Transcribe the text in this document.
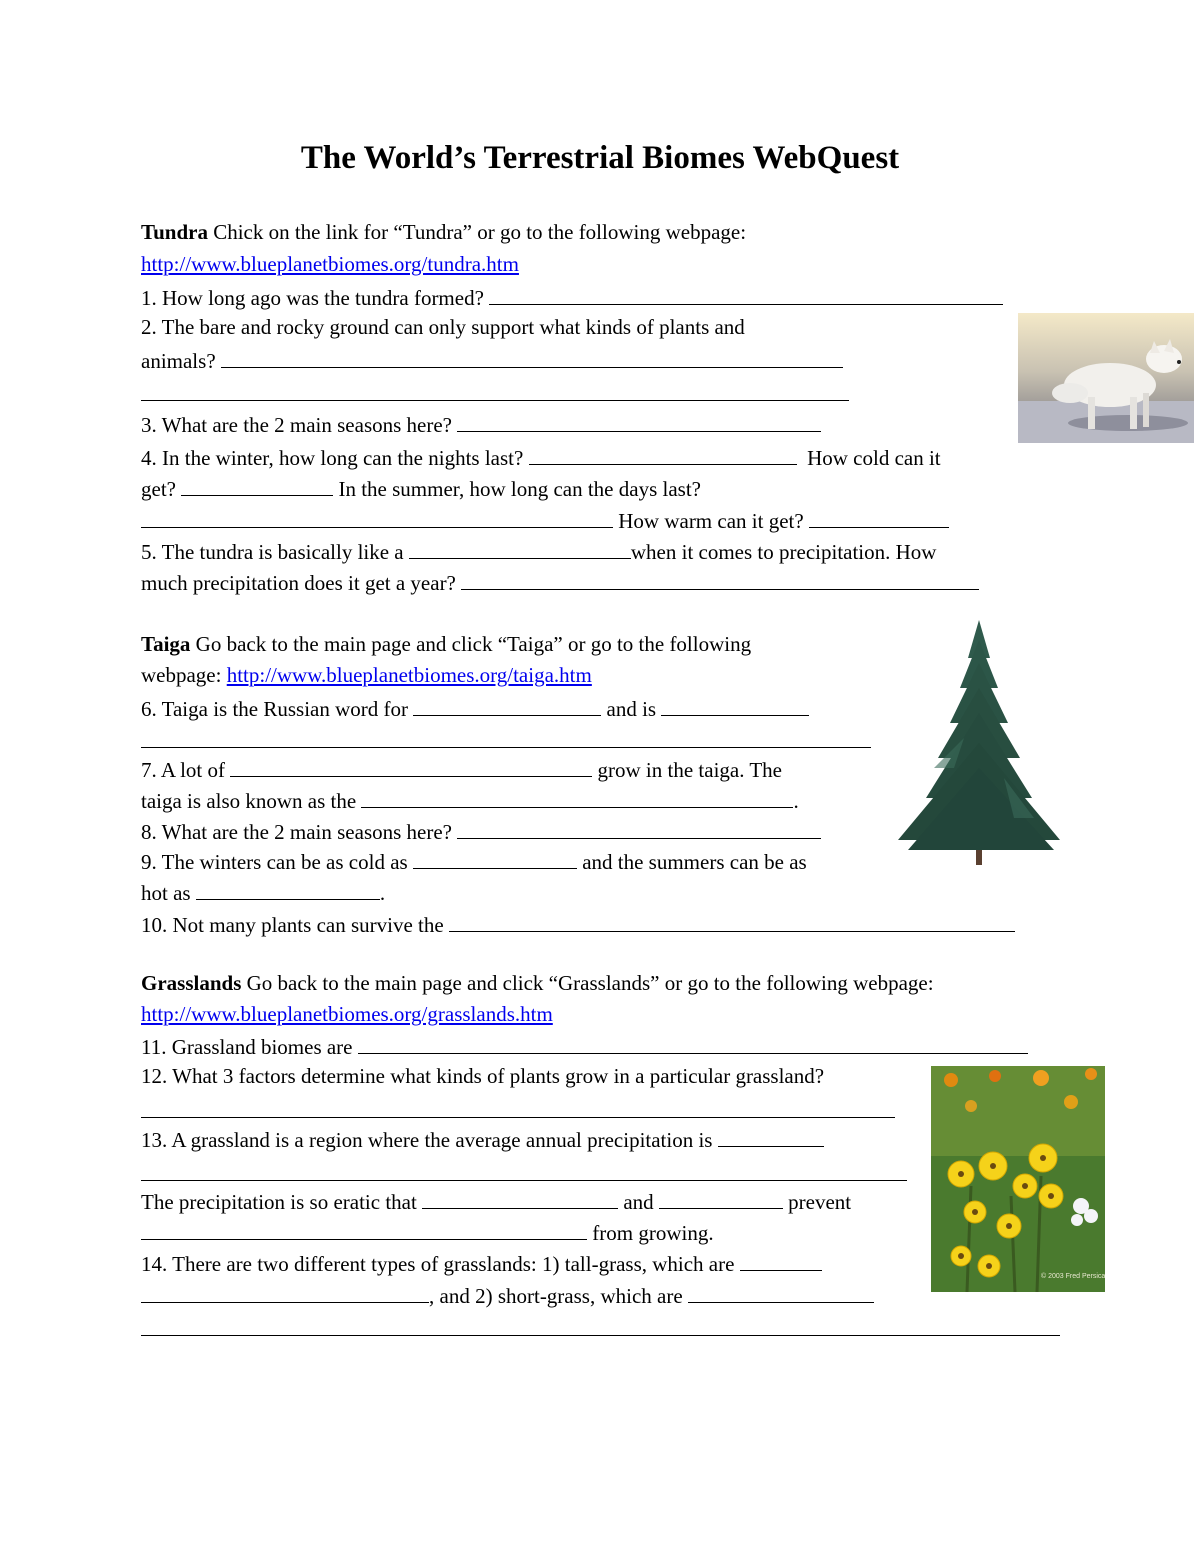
The World’s Terrestrial Biomes WebQuest
Tundra Chick on the link for “Tundra” or go to the following webpage:
http://www.blueplanetbiomes.org/tundra.htm
1. How long ago was the tundra formed?
2. The bare and rocky ground can only support what kinds of plants and
animals?
3. What are the 2 main seasons here?
4. In the winter, how long can the nights last?	How cold can it
get?	In the summer, how long can the days last?
How warm can it get?
5. The tundra is basically like a	when it comes to precipitation. How
much precipitation does it get a year?
Taiga Go back to the main page and click “Taiga” or go to the following
webpage: http://www.blueplanetbiomes.org/taiga.htm
6. Taiga is the Russian word for	and is
7. A lot of	grow in the taiga. The
taiga is also known as the	.
8. What are the 2 main seasons here?
9. The winters can be as cold as	and the summers can be as
hot as	.
10. Not many plants can survive the
Grasslands Go back to the main page and click “Grasslands” or go to the following webpage:
http://www.blueplanetbiomes.org/grasslands.htm
11. Grassland biomes are
12. What 3 factors determine what kinds of plants grow in a particular grassland?
13. A grassland is a region where the average annual precipitation is
The precipitation is so eratic that	and	prevent
from growing.
14. There are two different types of grasslands: 1) tall-grass, which are
, and 2) short-grass, which are
© 2003 Fred Persica
